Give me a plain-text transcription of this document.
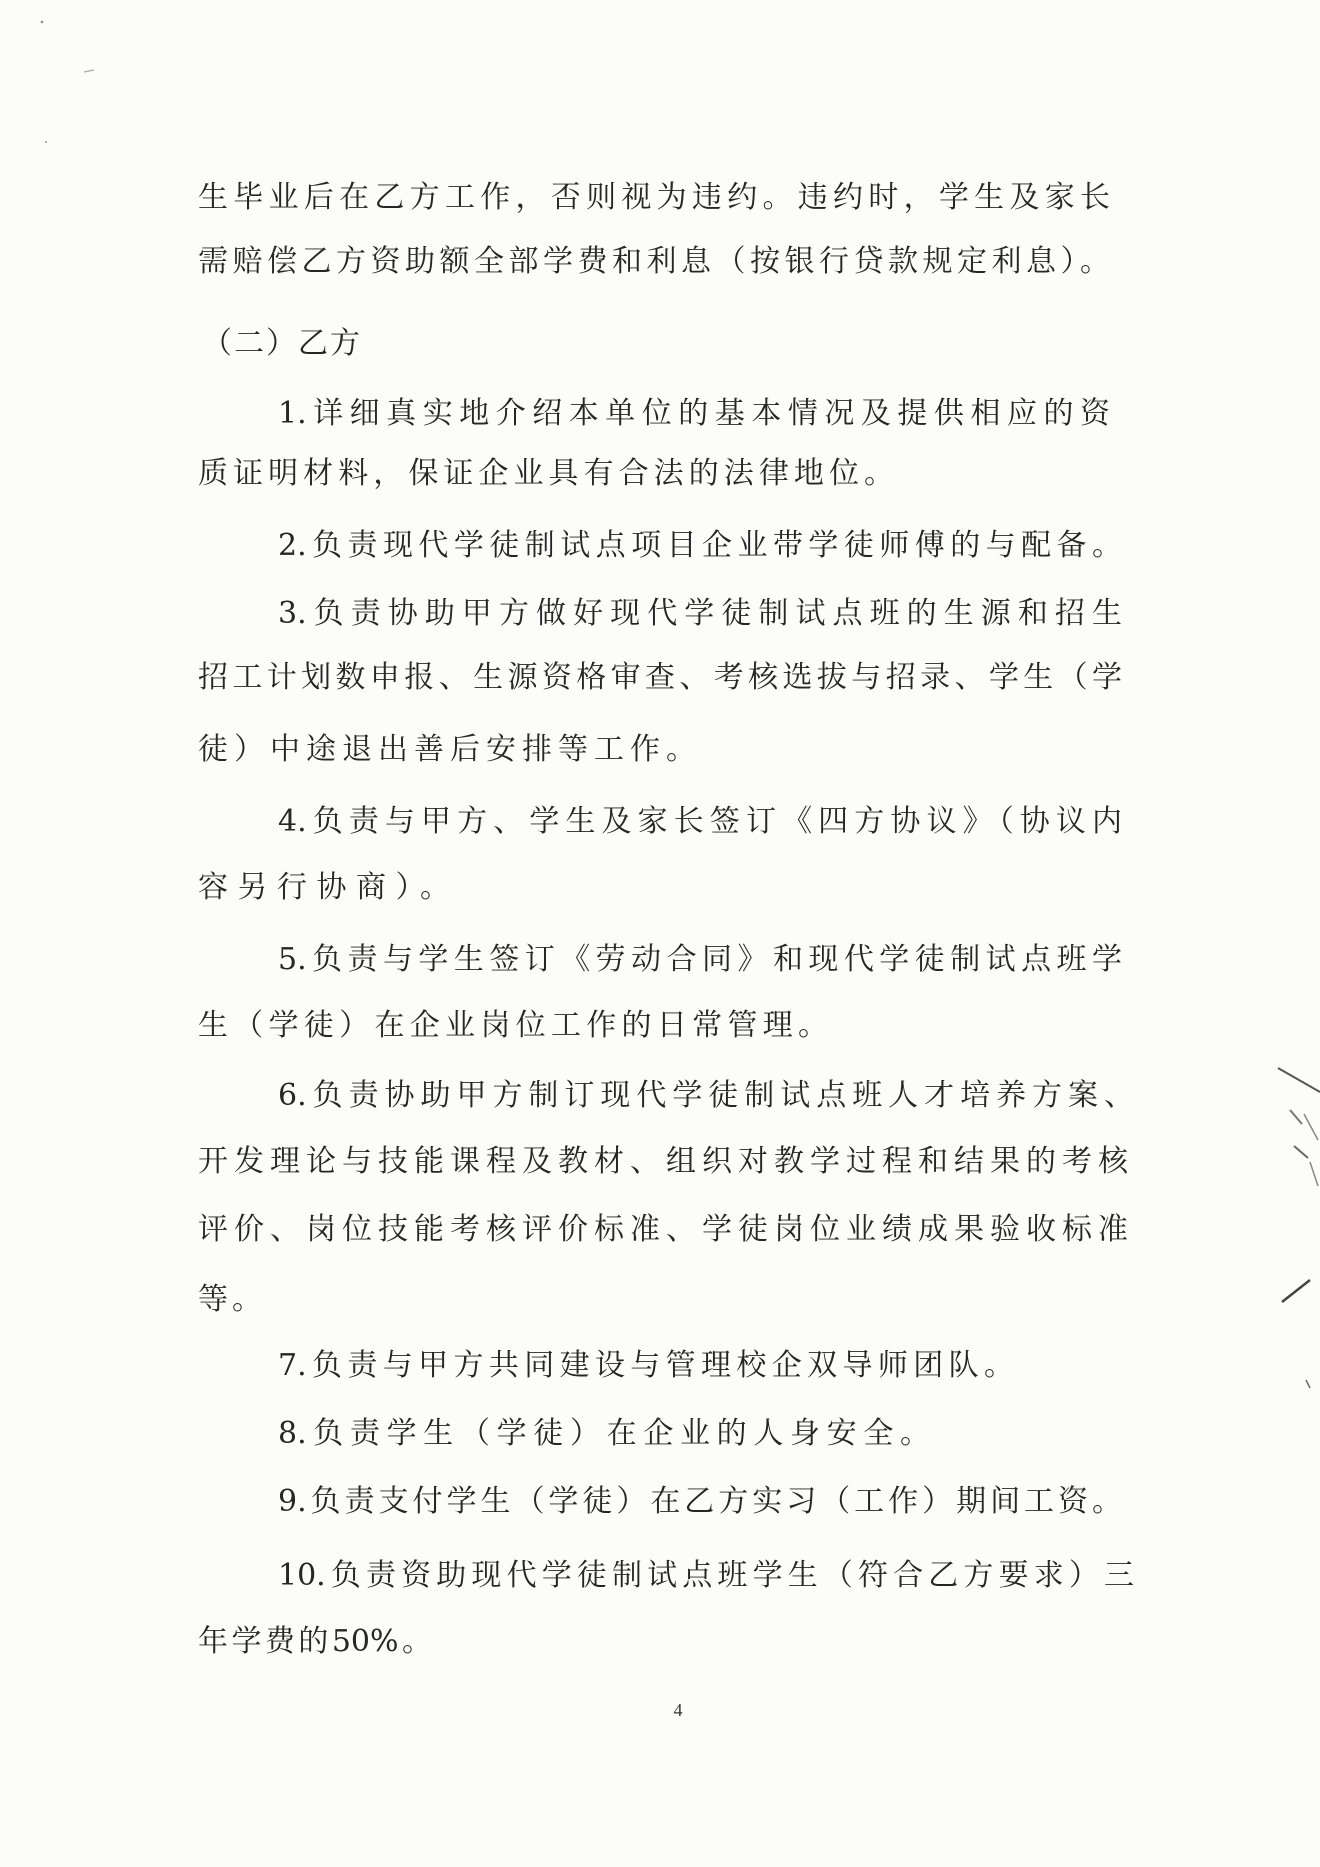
生毕业后在乙方工作，否则视为违约。违约时，学生及家长
需赔偿乙方资助额全部学费和利息（按银行贷款规定利息）。
（二）乙方
1.详细真实地介绍本单位的基本情况及提供相应的资
质证明材料，保证企业具有合法的法律地位。
2.负责现代学徒制试点项目企业带学徒师傅的与配备。
3.负责协助甲方做好现代学徒制试点班的生源和招生
招工计划数申报、生源资格审查、考核选拔与招录、学生（学
徒）中途退出善后安排等工作。
4.负责与甲方、学生及家长签订《四方协议》（协议内
容另行协商）。
5.负责与学生签订《劳动合同》和现代学徒制试点班学
生（学徒）在企业岗位工作的日常管理。
6.负责协助甲方制订现代学徒制试点班人才培养方案、
开发理论与技能课程及教材、组织对教学过程和结果的考核
评价、岗位技能考核评价标准、学徒岗位业绩成果验收标准
等。
7.负责与甲方共同建设与管理校企双导师团队。
8.负责学生（学徒）在企业的人身安全。
9.负责支付学生（学徒）在乙方实习（工作）期间工资。
10.负责资助现代学徒制试点班学生（符合乙方要求）三
年学费的50%。
4
